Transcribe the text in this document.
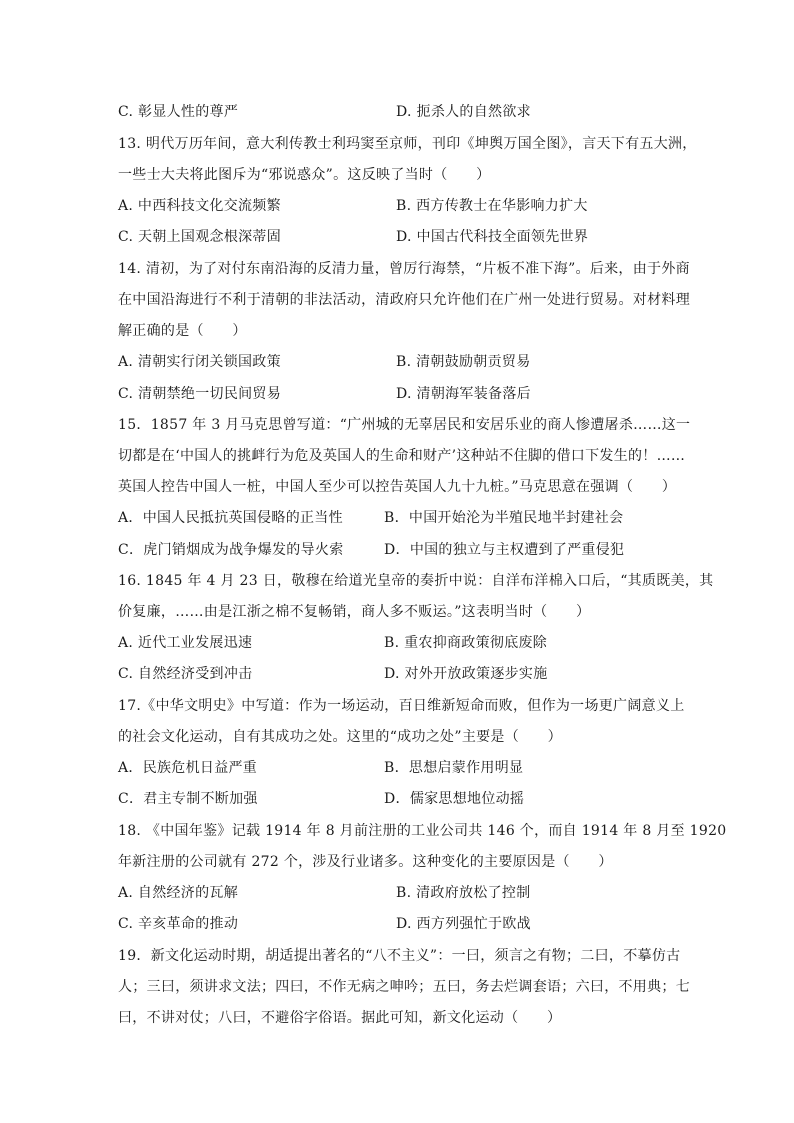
C. 彰显人性的尊严	D. 扼杀人的自然欲求
13. 明代万历年间，意大利传教士利玛窦至京师，刊印《坤舆万国全图》，言天下有五大洲，
一些士大夫将此图斥为“邪说惑众”。这反映了当时（　　）
A. 中西科技文化交流频繁	B. 西方传教士在华影响力扩大
C. 天朝上国观念根深蒂固	D. 中国古代科技全面领先世界
14. 清初，为了对付东南沿海的反清力量，曾厉行海禁，“片板不准下海”。后来，由于外商
在中国沿海进行不利于清朝的非法活动，清政府只允许他们在广州一处进行贸易。对材料理
解正确的是（　　）
A. 清朝实行闭关锁国政策	B. 清朝鼓励朝贡贸易
C. 清朝禁绝一切民间贸易	D. 清朝海军装备落后
15．1857 年 3 月马克思曾写道：“广州城的无辜居民和安居乐业的商人惨遭屠杀……这一
切都是在‘中国人的挑衅行为危及英国人的生命和财产’这种站不住脚的借口下发生的！……
英国人控告中国人一桩，中国人至少可以控告英国人九十九桩。”马克思意在强调（　　）
A．中国人民抵抗英国侵略的正当性	B．中国开始沦为半殖民地半封建社会
C．虎门销烟成为战争爆发的导火索	D．中国的独立与主权遭到了严重侵犯
16. 1845 年 4 月 23 日，敬穆在给道光皇帝的奏折中说：自洋布洋棉入口后，“其质既美，其
价复廉，……由是江浙之棉不复畅销，商人多不贩运。”这表明当时（　　）
A. 近代工业发展迅速	B. 重农抑商政策彻底废除
C. 自然经济受到冲击	D. 对外开放政策逐步实施
17.《中华文明史》中写道：作为一场运动，百日维新短命而败，但作为一场更广阔意义上
的社会文化运动，自有其成功之处。这里的“成功之处”主要是（　　）
A．民族危机日益严重	B．思想启蒙作用明显
C．君主专制不断加强	D．儒家思想地位动摇
18. 《中国年鉴》记载 1914 年 8 月前注册的工业公司共 146 个，而自 1914 年 8 月至 1920
年新注册的公司就有 272 个，涉及行业诸多。这种变化的主要原因是（　　）
A. 自然经济的瓦解	B. 清政府放松了控制
C. 辛亥革命的推动	D. 西方列强忙于欧战
19．新文化运动时期，胡适提出著名的“八不主义”：一曰，须言之有物；二曰，不摹仿古
人；三曰，须讲求文法；四曰，不作无病之呻吟；五曰，务去烂调套语；六曰，不用典；七
曰，不讲对仗；八曰，不避俗字俗语。据此可知，新文化运动（　　）
